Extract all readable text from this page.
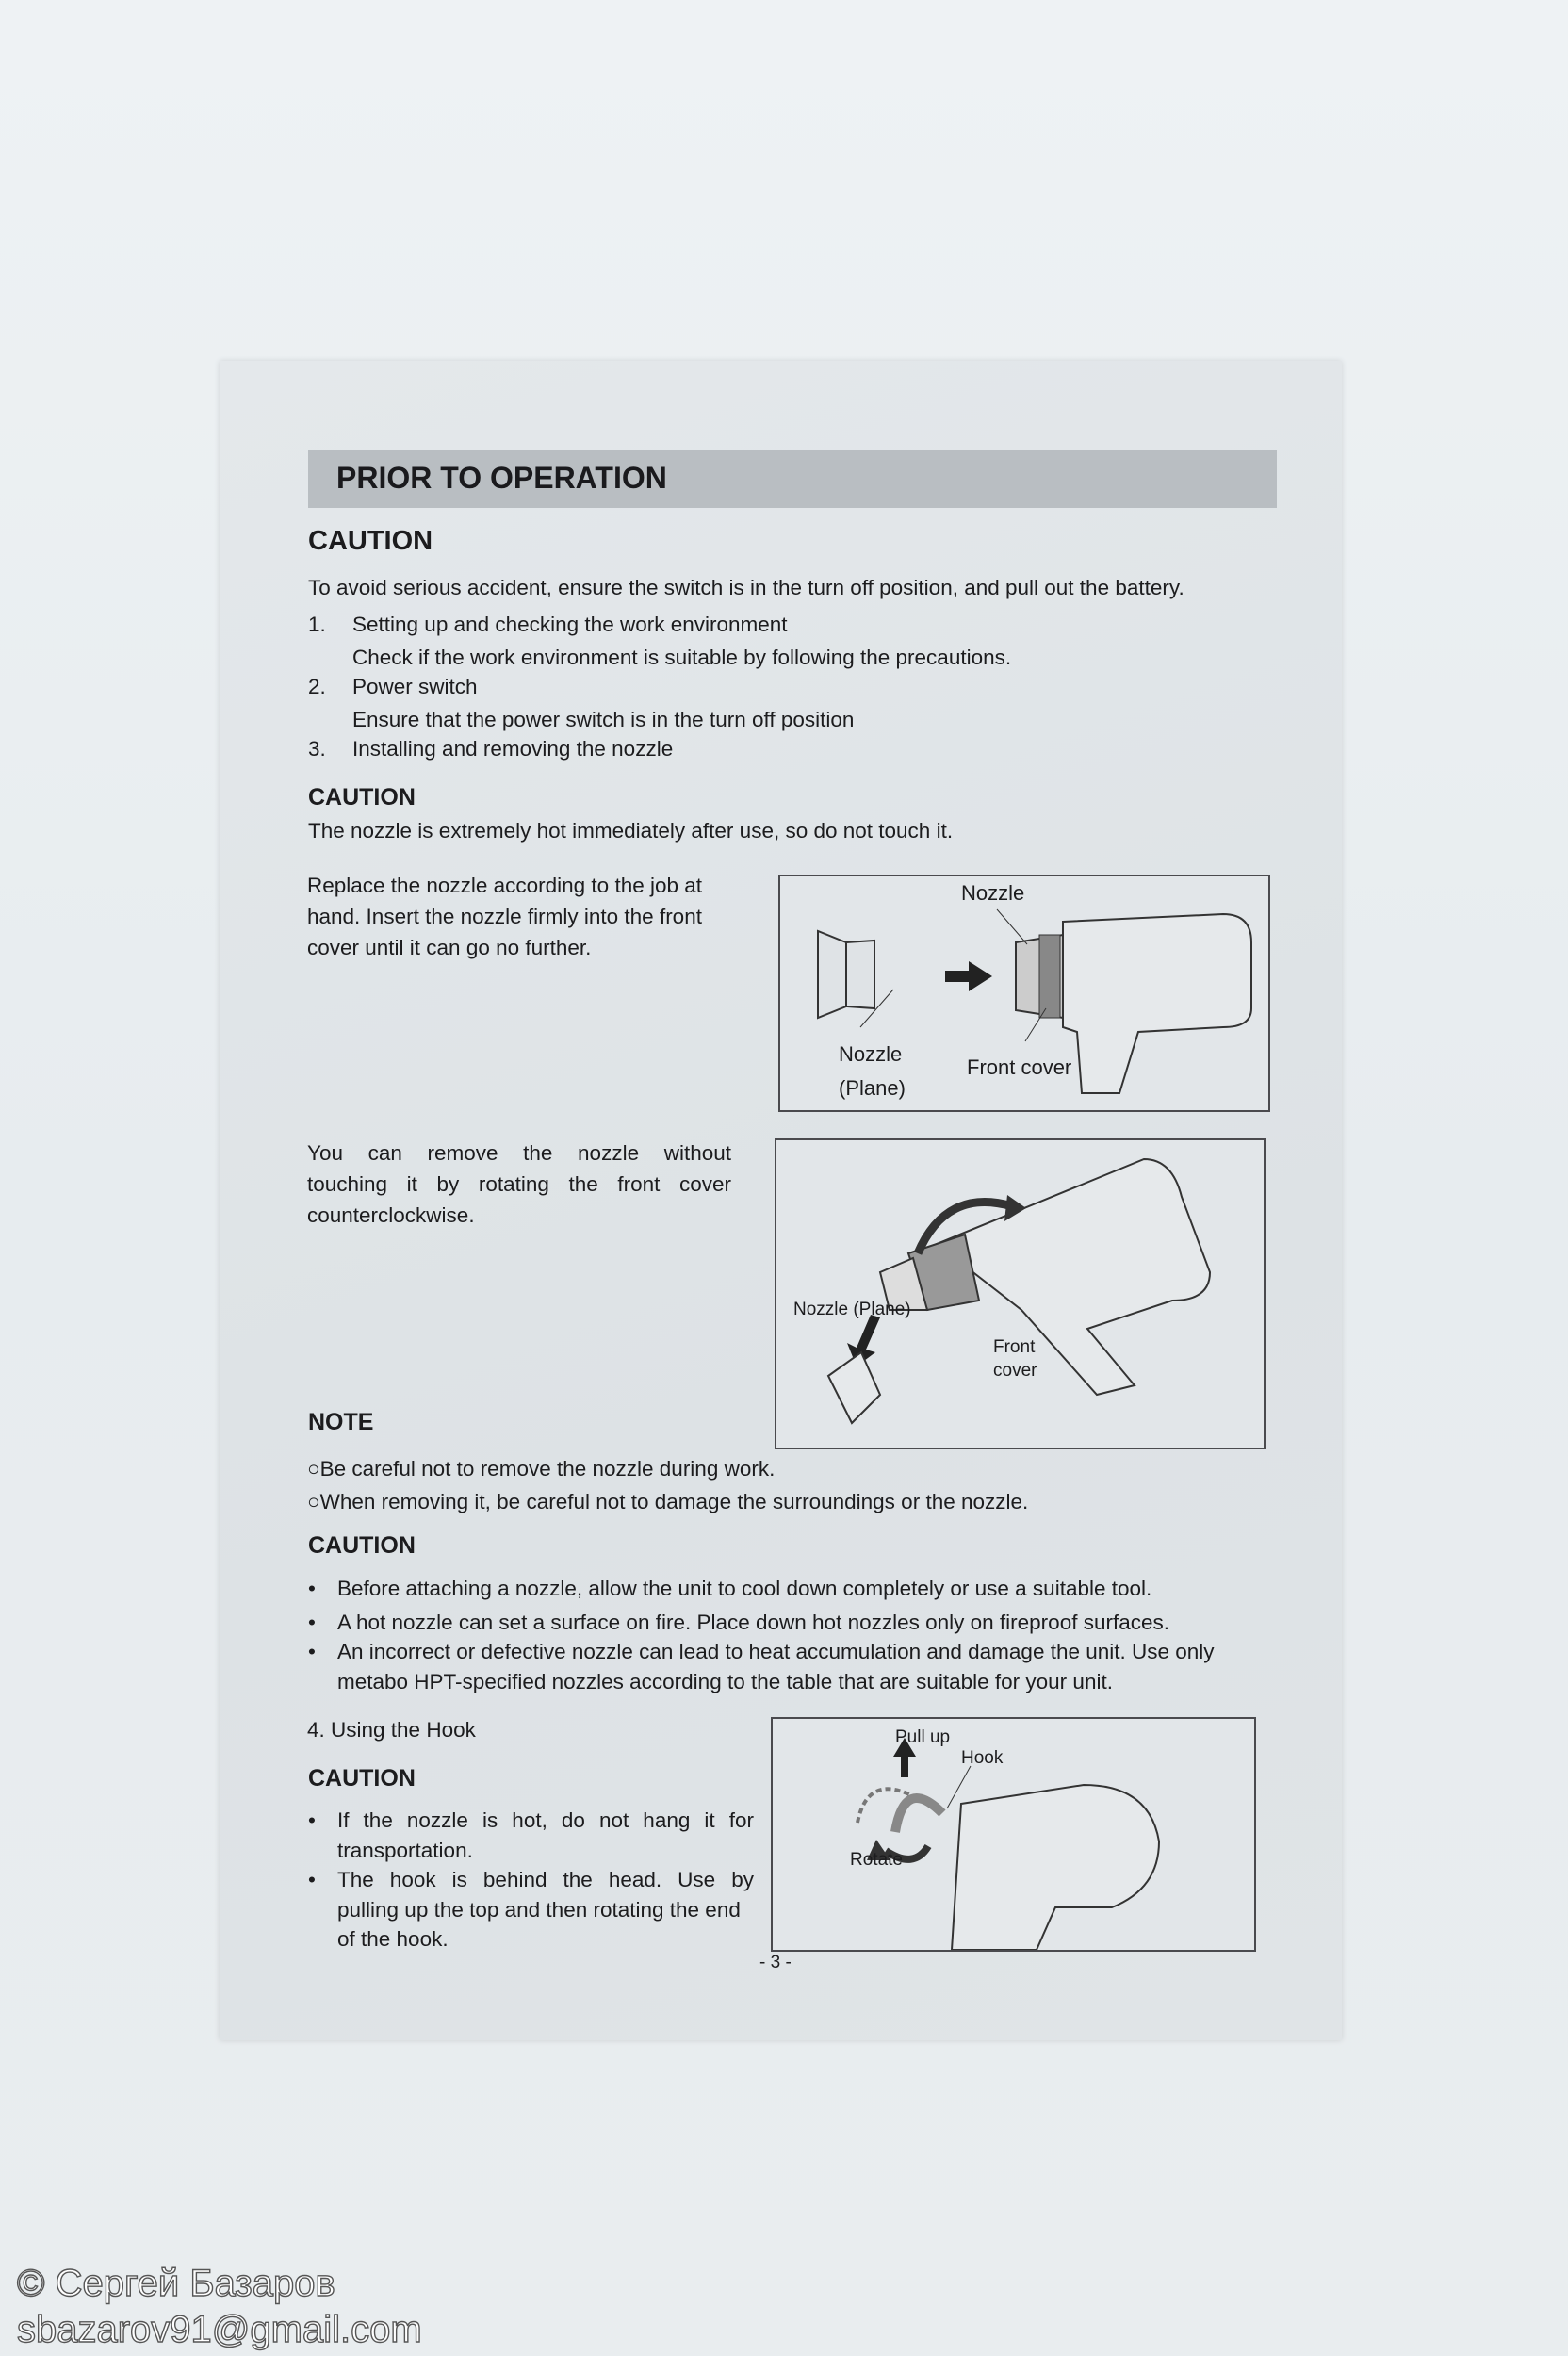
PRIOR TO OPERATION
CAUTION
To avoid serious accident, ensure the switch is in the turn off position, and pull out the battery.
1. Setting up and checking the work environment
Check if the work environment is suitable by following the precautions.
2. Power switch
Ensure that the power switch is in the turn off position
3. Installing and removing the nozzle
CAUTION
The nozzle is extremely hot immediately after use, so do not touch it.
Replace the nozzle according to the job at
hand. Insert the nozzle firmly into the front
cover until it can go no further.
Nozzle
Nozzle
(Plane)
Front cover
You can remove the nozzle without
touching it by rotating the front cover
counterclockwise.
Nozzle (Plane)
Front
cover
NOTE
○Be careful not to remove the nozzle during work.
○When removing it, be careful not to damage the surroundings or the nozzle.
CAUTION
• Before attaching a nozzle, allow the unit to cool down completely or use a suitable tool.
• A hot nozzle can set a surface on fire. Place down hot nozzles only on fireproof surfaces.
• An incorrect or defective nozzle can lead to heat accumulation and damage the unit. Use only
metabo HPT-specified nozzles according to the table that are suitable for your unit.
4. Using the Hook
CAUTION
• If the nozzle is hot, do not hang it for
transportation.
• The hook is behind the head. Use by
pulling up the top and then rotating the end
of the hook.
Pull up
Hook
Rotate
- 3 -
© Сергей Базаров
sbazarov91@gmail.com
